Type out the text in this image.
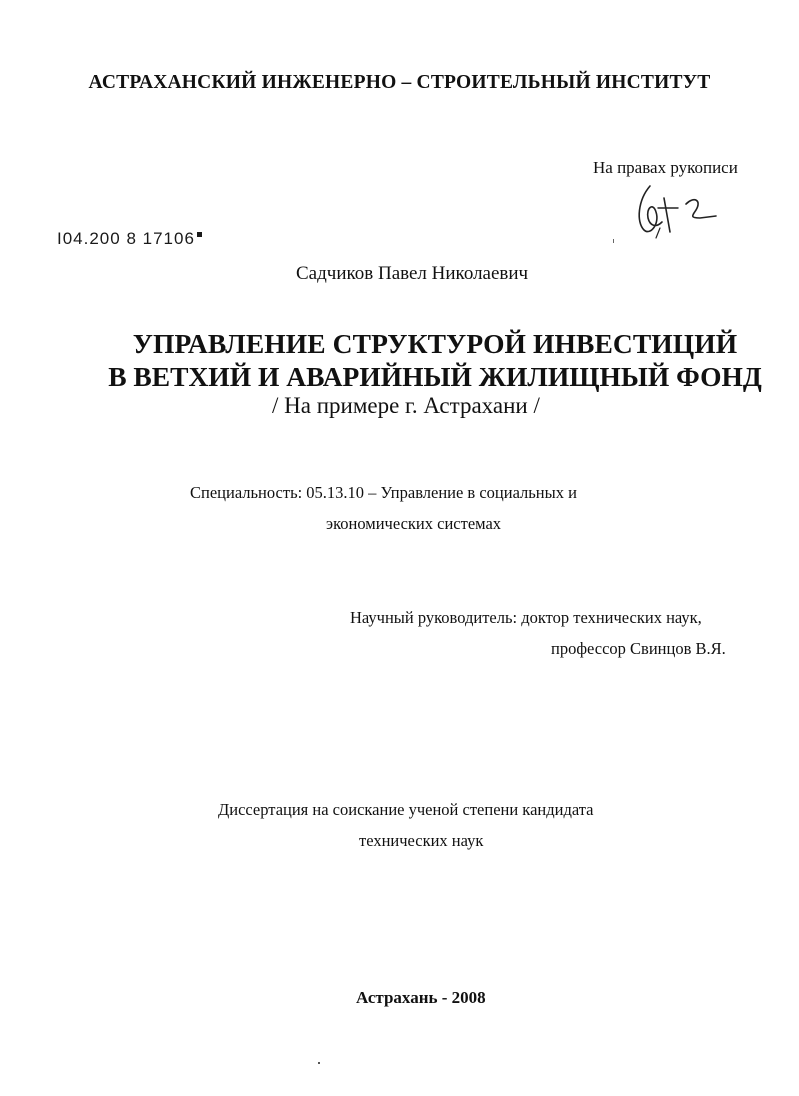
АСТРАХАНСКИЙ ИНЖЕНЕРНО – СТРОИТЕЛЬНЫЙ ИНСТИТУТ
На правах рукописи
I04.200 8 17106
Садчиков Павел Николаевич
УПРАВЛЕНИЕ СТРУКТУРОЙ ИНВЕСТИЦИЙ
В ВЕТХИЙ И АВАРИЙНЫЙ ЖИЛИЩНЫЙ ФОНД
/ На примере г. Астрахани /
Специальность: 05.13.10 – Управление в социальных и
экономических системах
Научный руководитель: доктор технических наук,
профессор Свинцов В.Я.
Диссертация на соискание ученой степени кандидата
технических наук
Астрахань - 2008
